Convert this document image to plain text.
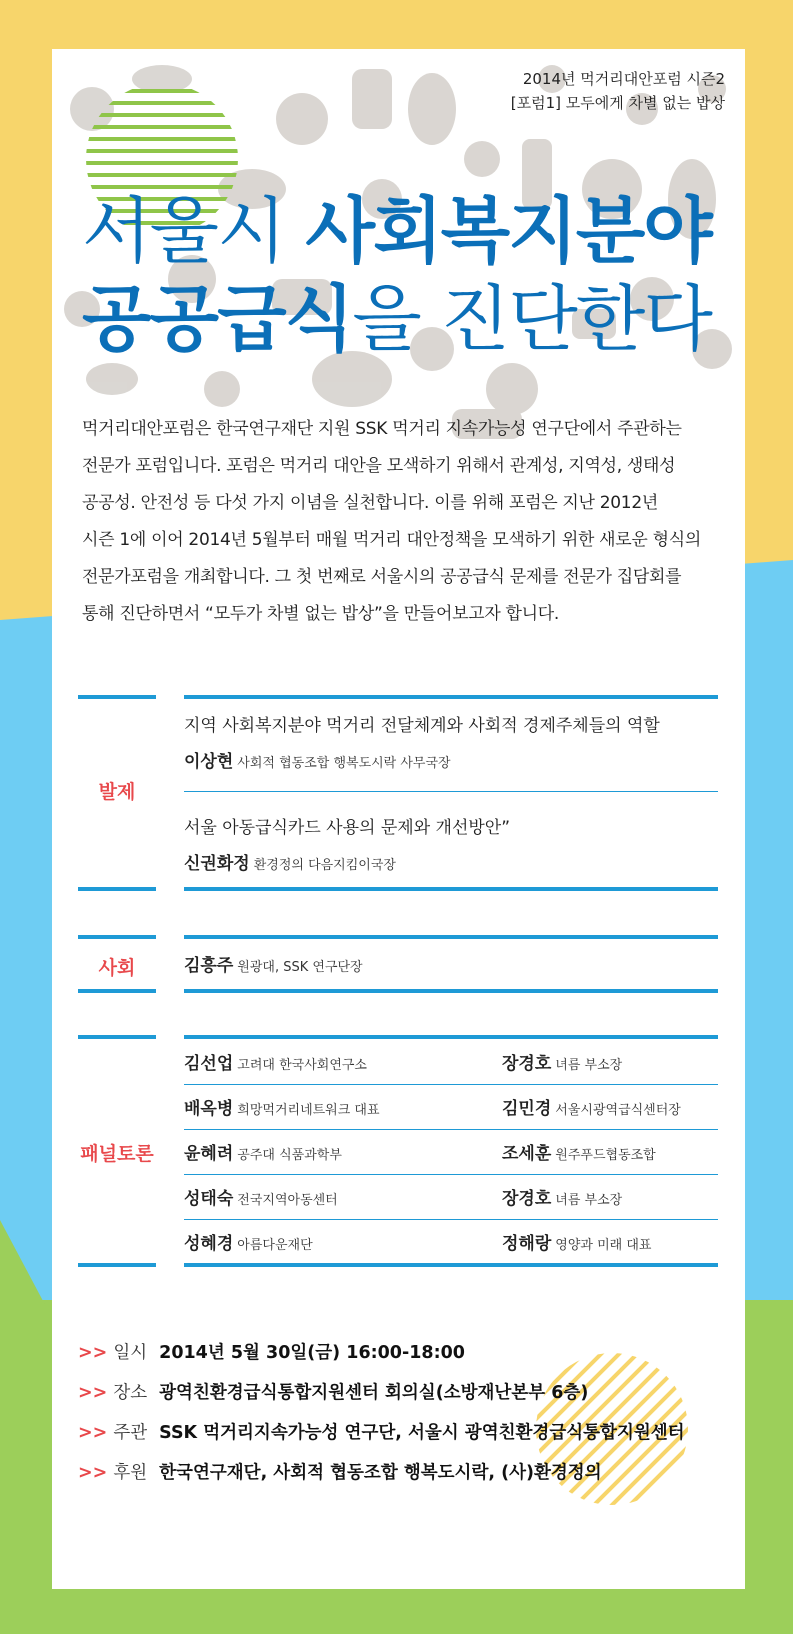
2014년 먹거리대안포럼 시즌2
[포럼1] 모두에게 차별 없는 밥상
서울시 사회복지분야
공공급식을 진단한다
먹거리대안포럼은 한국연구재단 지원 SSK 먹거리 지속가능성 연구단에서 주관하는
전문가 포럼입니다. 포럼은 먹거리 대안을 모색하기 위해서 관계성, 지역성, 생태성
공공성. 안전성 등 다섯 가지 이념을 실천합니다. 이를 위해 포럼은 지난 2012년
시즌 1에 이어 2014년 5월부터 매월 먹거리 대안정책을 모색하기 위한 새로운 형식의
전문가포럼을 개최합니다. 그 첫 번째로 서울시의 공공급식 문제를 전문가 집담회를
통해 진단하면서 “모두가 차별 없는 밥상”을 만들어보고자 합니다.
발제
지역 사회복지분야 먹거리 전달체계와 사회적 경제주체들의 역할
이상현 사회적 협동조합 행복도시락 사무국장
서울 아동급식카드 사용의 문제와 개선방안”
신권화정 환경정의 다음지킴이국장
사회	김흥주 원광대, SSK 연구단장
패널토론
김선업 고려대 한국사회연구소	장경호 녀름 부소장
배옥병 희망먹거리네트워크 대표	김민경 서울시광역급식센터장
윤혜려 공주대 식품과학부	조세훈 원주푸드협동조합
성태숙 전국지역아동센터	장경호 녀름 부소장
성혜경 아름다운재단	정해랑 영양과 미래 대표
>> 일시 2014년 5월 30일(금) 16:00-18:00
>> 장소 광역친환경급식통합지원센터 회의실(소방재난본부 6층)
>> 주관 SSK 먹거리지속가능성 연구단, 서울시 광역친환경급식통합지원센터
>> 후원 한국연구재단, 사회적 협동조합 행복도시락, (사)환경정의
